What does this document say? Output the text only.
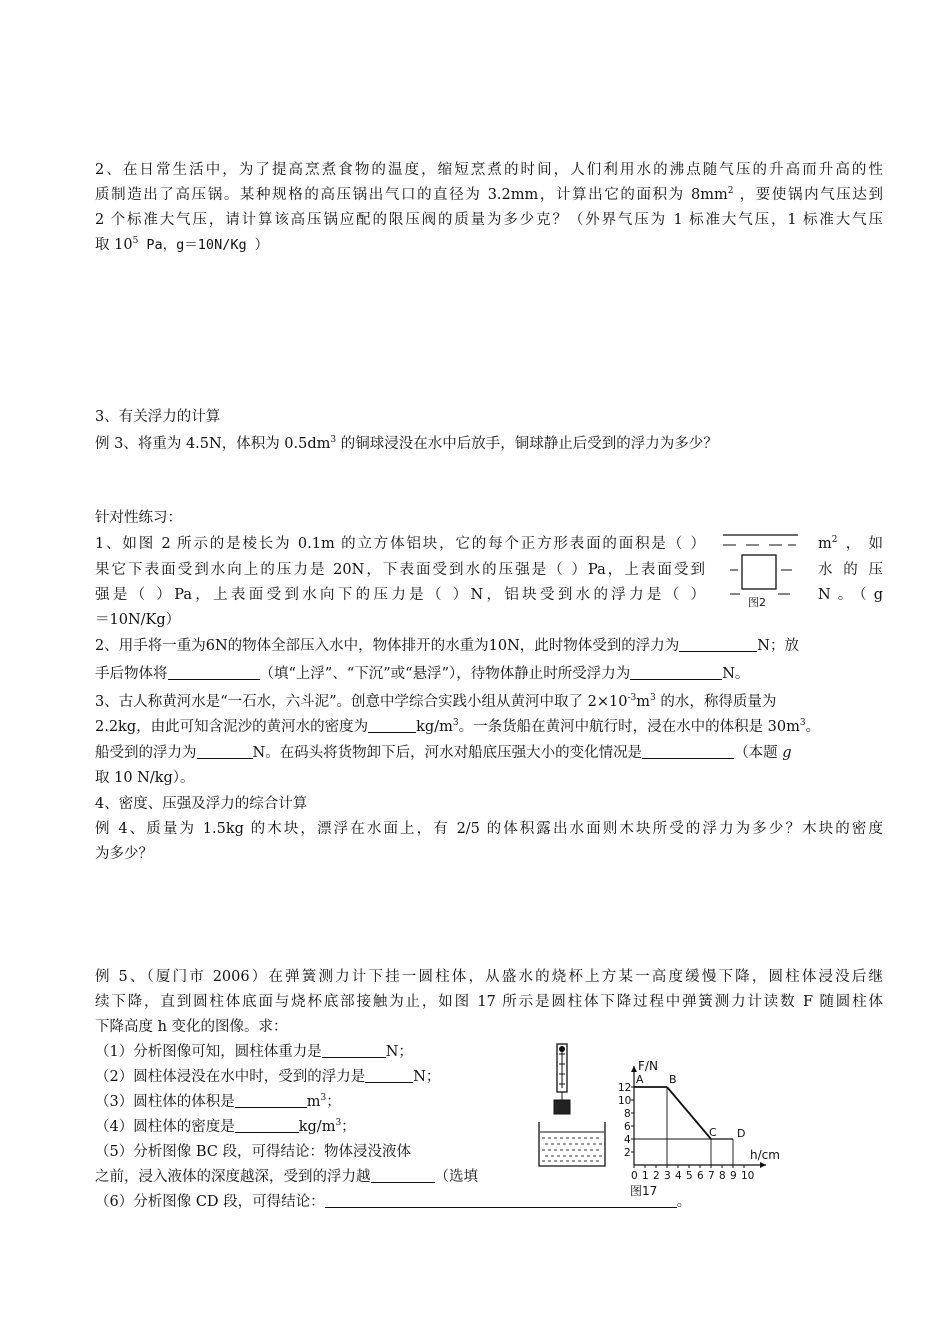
2、在日常生活中，为了提高烹煮食物的温度，缩短烹煮的时间，人们利用水的沸点随气压的升高而升高的性
质制造出了高压锅。某种规格的高压锅出气口的直径为 3.2mm，计算出它的面积为 $8mm^2$ ，要使锅内气压达到
2 个标准大气压，请计算该高压锅应配的限压阀的质量为多少克？（外界气压为 1 标准大气压，1 标准大气压
取 $10^5$ Pa，g＝10N/Kg ）
3、有关浮力的计算
例 3、将重为 4.5N，体积为 $0.5dm^3$ 的铜球浸没在水中后放手，铜球静止后受到的浮力为多少？
针对性练习：
1、如图 2 所示的是棱长为 0.1m 的立方体铝块，它的每个正方形表面的面积是（ ）
果它下表面受到水向上的压力是 20N，下表面受到水的压强是（ ）Pa，上表面受到
强是（ ）Pa，上表面受到水向下的压力是（ ）N，铝块受到水的浮力是（ ）
＝10N/Kg）
$m^2$，如
水的压
N。（g
图2
2、用手将一重为6N的物体全部压入水中，物体排开的水重为10N，此时物体受到的浮力为	N；放
手后物体将	（填“上浮”、“下沉”或“悬浮”），待物体静止时所受浮力为	N。
3、古人称黄河水是“一石水，六斗泥”。创意中学综合实践小组从黄河中取了 $2\times 10^{-3}m^3$ 的水，称得质量为
2.2kg，由此可知含泥沙的黄河水的密度为	$kg/m^3$。一条货船在黄河中航行时，浸在水中的体积是 $30m^3$。
船受到的浮力为	N。在码头将货物卸下后，河水对船底压强大小的变化情况是	（本题 g
取 10 N/kg）。
4、密度、压强及浮力的综合计算
例 4、质量为 1.5kg 的木块，漂浮在水面上，有 2/5 的体积露出水面则木块所受的浮力为多少？木块的密度
为多少？
例 5、（厦门市 2006）在弹簧测力计下挂一圆柱体，从盛水的烧杯上方某一高度缓慢下降，圆柱体浸没后继
续下降，直到圆柱体底面与烧杯底部接触为止，如图 17 所示是圆柱体下降过程中弹簧测力计读数 F 随圆柱体
下降高度 h 变化的图像。求：
（1）分析图像可知，圆柱体重力是	N；
（2）圆柱体浸没在水中时，受到的浮力是	N；
（3）圆柱体的体积是	$m^3$；
（4）圆柱体的密度是	$kg/m^3$；
（5）分析图像 BC 段，可得结论：物体浸没液体
之前，浸入液体的深度越深，受到的浮力越	（选填
（6）分析图像 CD 段，可得结论：	。
F/N
h/cm
0 1 2 3 4 5 6 7 8 9 10
2
4
6
8
10
12
A B
C D
图17
